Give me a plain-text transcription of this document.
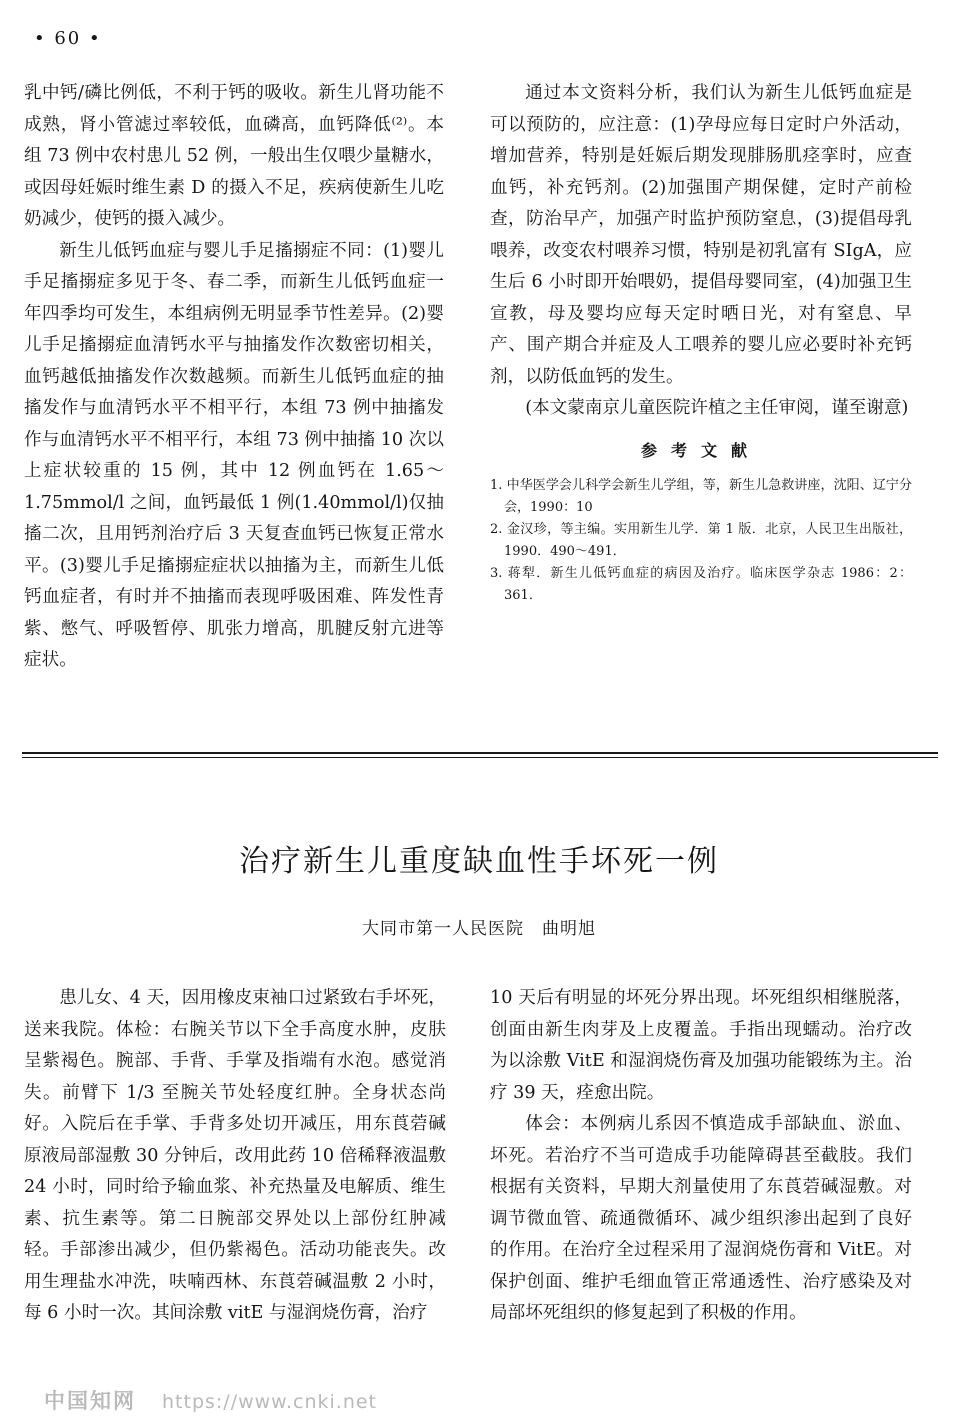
• 60 •

乳中钙/磷比例低，不利于钙的吸收。新生儿肾功能不成熟，肾小管滤过率较低，血磷高，血钙降低⁽²⁾。本组 73 例中农村患儿 52 例，一般出生仅喂少量糖水，或因母妊娠时维生素 D 的摄入不足，疾病使新生儿吃奶减少，使钙的摄入减少。

新生儿低钙血症与婴儿手足搐搦症不同：(1)婴儿手足搐搦症多见于冬、春二季，而新生儿低钙血症一年四季均可发生，本组病例无明显季节性差异。(2)婴儿手足搐搦症血清钙水平与抽搐发作次数密切相关，血钙越低抽搐发作次数越频。而新生儿低钙血症的抽搐发作与血清钙水平不相平行，本组 73 例中抽搐发作与血清钙水平不相平行，本组 73 例中抽搐 10 次以上症状较重的 15 例，其中 12 例血钙在 1.65～1.75mmol/l 之间，血钙最低 1 例(1.40mmol/l)仅抽搐二次，且用钙剂治疗后 3 天复查血钙已恢复正常水平。(3)婴儿手足搐搦症症状以抽搐为主，而新生儿低钙血症者，有时并不抽搐而表现呼吸困难、阵发性青紫、憋气、呼吸暂停、肌张力增高，肌腱反射亢进等症状。

通过本文资料分析，我们认为新生儿低钙血症是可以预防的，应注意：(1)孕母应每日定时户外活动，增加营养，特别是妊娠后期发现腓肠肌痉挛时，应查血钙，补充钙剂。(2)加强围产期保健，定时产前检查，防治早产，加强产时监护预防窒息，(3)提倡母乳喂养，改变农村喂养习惯，特别是初乳富有 SIgA，应生后 6 小时即开始喂奶，提倡母婴同室，(4)加强卫生宣教，母及婴均应每天定时晒日光，对有窒息、早产、围产期合并症及人工喂养的婴儿应必要时补充钙剂，以防低血钙的发生。

(本文蒙南京儿童医院许植之主任审阅，谨至谢意)

参考文献
1. 中华医学会儿科学会新生儿学组，等，新生儿急救讲座，沈阳、辽宁分会，1990：10
2. 金汉珍，等主编。实用新生儿学．第 1 版．北京，人民卫生出版社，1990．490～491．
3. 蒋犁．新生儿低钙血症的病因及治疗。临床医学杂志 1986：2：361．
治疗新生儿重度缺血性手坏死一例
大同市第一人民医院 曲明旭

患儿女、4 天，因用橡皮束袖口过紧致右手坏死，送来我院。体检：右腕关节以下全手高度水肿，皮肤呈紫褐色。腕部、手背、手掌及指端有水泡。感觉消失。前臂下 1/3 至腕关节处轻度红肿。全身状态尚好。入院后在手掌、手背多处切开减压，用东莨菪碱原液局部湿敷 30 分钟后，改用此药 10 倍稀释液温敷 24 小时，同时给予输血浆、补充热量及电解质、维生素、抗生素等。第二日腕部交界处以上部份红肿减轻。手部渗出减少，但仍紫褐色。活动功能丧失。改用生理盐水冲洗，呋喃西林、东莨菪碱温敷 2 小时，每 6 小时一次。其间涂敷 vitE 与湿润烧伤膏，治疗

10 天后有明显的坏死分界出现。坏死组织相继脱落，创面由新生肉芽及上皮覆盖。手指出现蠕动。治疗改为以涂敷 VitE 和湿润烧伤膏及加强功能锻练为主。治疗 39 天，痊愈出院。

体会：本例病儿系因不慎造成手部缺血、淤血、坏死。若治疗不当可造成手功能障碍甚至截肢。我们根据有关资料，早期大剂量使用了东莨菪碱湿敷。对调节微血管、疏通微循环、减少组织渗出起到了良好的作用。在治疗全过程采用了湿润烧伤膏和 VitE。对保护创面、维护毛细血管正常通透性、治疗感染及对局部坏死组织的修复起到了积极的作用。

中国知网 https://www.cnki.net
